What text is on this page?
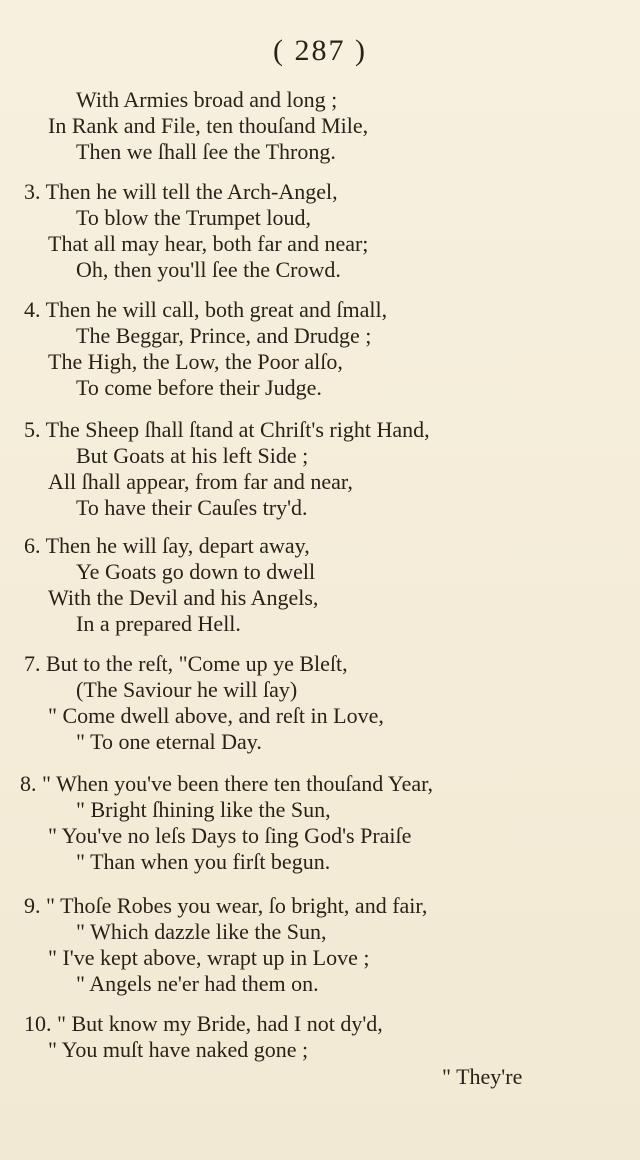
( 287 )
With Armies broad and long ;
In Rank and File, ten thouſand Mile,
Then we ſhall ſee the Throng.
3. Then he will tell the Arch-Angel,
To blow the Trumpet loud,
That all may hear, both far and near;
Oh, then you'll ſee the Crowd.
4. Then he will call, both great and ſmall,
The Beggar, Prince, and Drudge ;
The High, the Low, the Poor alſo,
To come before their Judge.
5. The Sheep ſhall ſtand at Chriſt's right Hand,
But Goats at his left Side ;
All ſhall appear, from far and near,
To have their Cauſes try'd.
6. Then he will ſay, depart away,
Ye Goats go down to dwell
With the Devil and his Angels,
In a prepared Hell.
7. But to the reſt, "Come up ye Bleſt,
(The Saviour he will ſay)
" Come dwell above, and reſt in Love,
" To one eternal Day.
8. " When you've been there ten thouſand Year,
" Bright ſhining like the Sun,
" You've no leſs Days to ſing God's Praiſe
" Than when you firſt begun.
9. " Thoſe Robes you wear, ſo bright, and fair,
" Which dazzle like the Sun,
" I've kept above, wrapt up in Love ;
" Angels ne'er had them on.
10. " But know my Bride, had I not dy'd,
" You muſt have naked gone ;
" They're
